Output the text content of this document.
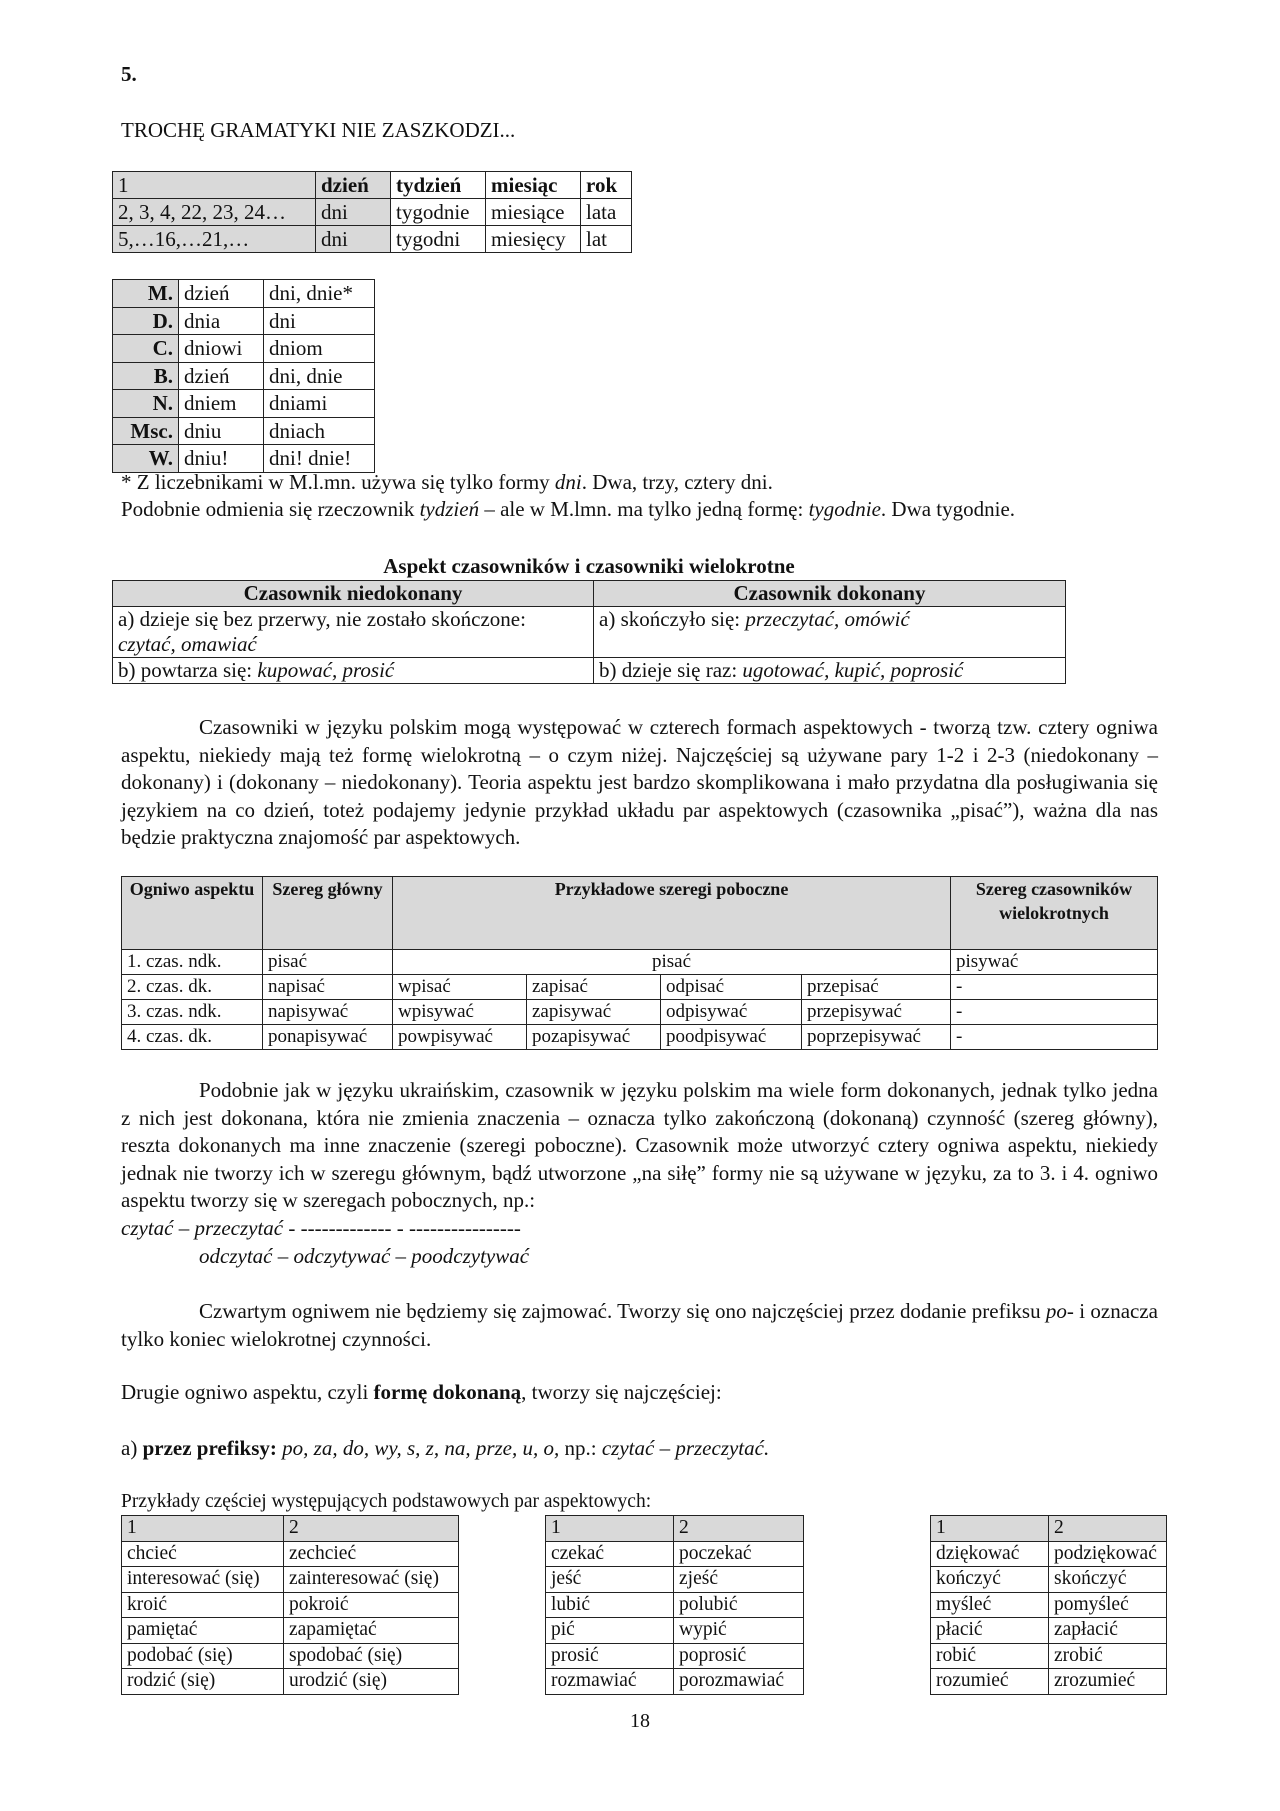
5.
TROCHĘ GRAMATYKI NIE ZASZKODZI...
1	dzień	tydzień	miesiąc	rok
2, 3, 4, 22, 23, 24…	dni	tygodnie	miesiące	lata
5,…16,…21,…	dni	tygodni	miesięcy	lat
M.	dzień	dni, dnie*
D.	dnia	dni
C.	dniowi	dniom
B.	dzień	dni, dnie
N.	dniem	dniami
Msc.	dniu	dniach
W.	dniu!	dni! dnie!

* Z liczebnikami w M.l.mn. używa się tylko formy dni. Dwa, trzy, cztery dni.

Podobnie odmienia się rzeczownik tydzień – ale w M.lmn. ma tylko jedną formę: tygodnie. Dwa tygodnie.

Aspekt czasowników i czasowniki wielokrotne
Czasownik niedokonany	Czasownik dokonany
a) dzieje się bez przerwy, nie zostało skończone:
czytać, omawiać	a) skończyło się: przeczytać, omówić
b) powtarza się: kupować, prosić	b) dzieje się raz: ugotować, kupić, poprosić

Czasowniki w języku polskim mogą występować w czterech formach aspektowych - tworzą tzw. cztery ogniwa aspektu, niekiedy mają też formę wielokrotną – o czym niżej. Najczęściej są używane pary 1-2 i 2-3 (niedokonany – dokonany) i (dokonany – niedokonany). Teoria aspektu jest bardzo skomplikowana i mało przydatna dla posługiwania się językiem na co dzień, toteż podajemy jedynie przykład układu par aspektowych (czasownika „pisać”), ważna dla nas będzie praktyczna znajomość par aspektowych.

Ogniwo aspektu	Szereg główny	Przykładowe szeregi poboczne				Szereg czasowników wielokrotnych
1. czas. ndk.	pisać	pisać				pisywać
2. czas. dk.	napisać	wpisać	zapisać	odpisać	przepisać	-
3. czas. ndk.	napisywać	wpisywać	zapisywać	odpisywać	przepisywać	-
4. czas. dk.	ponapisywać	powpisywać	pozapisywać	poodpisywać	poprzepisywać	-

Podobnie jak w języku ukraińskim, czasownik w języku polskim ma wiele form dokonanych, jednak tylko jedna z nich jest dokonana, która nie zmienia znaczenia – oznacza tylko zakończoną (dokonaną) czynność (szereg główny), reszta dokonanych ma inne znaczenie (szeregi poboczne). Czasownik może utworzyć cztery ogniwa aspektu, niekiedy jednak nie tworzy ich w szeregu głównym, bądź utworzone „na siłę” formy nie są używane w języku, za to 3. i 4. ogniwo aspektu tworzy się w szeregach pobocznych, np.:

czytać – przeczytać - ------------- - ----------------

odczytać – odczytywać – poodczytywać

Czwartym ogniwem nie będziemy się zajmować. Tworzy się ono najczęściej przez dodanie prefiksu po- i oznacza tylko koniec wielokrotnej czynności.

Drugie ogniwo aspektu, czyli formę dokonaną, tworzy się najczęściej:

a) przez prefiksy: po, za, do, wy, s, z, na, prze, u, o, np.: czytać – przeczytać.

Przykłady częściej występujących podstawowych par aspektowych:

1	2
chcieć	zechcieć
interesować (się)	zainteresować (się)
kroić	pokroić
pamiętać	zapamiętać
podobać (się)	spodobać (się)
rodzić (się)	urodzić (się)
1	2
czekać	poczekać
jeść	zjeść
lubić	polubić
pić	wypić
prosić	poprosić
rozmawiać	porozmawiać
1	2
dziękować	podziękować
kończyć	skończyć
myśleć	pomyśleć
płacić	zapłacić
robić	zrobić
rozumieć	zrozumieć
18
